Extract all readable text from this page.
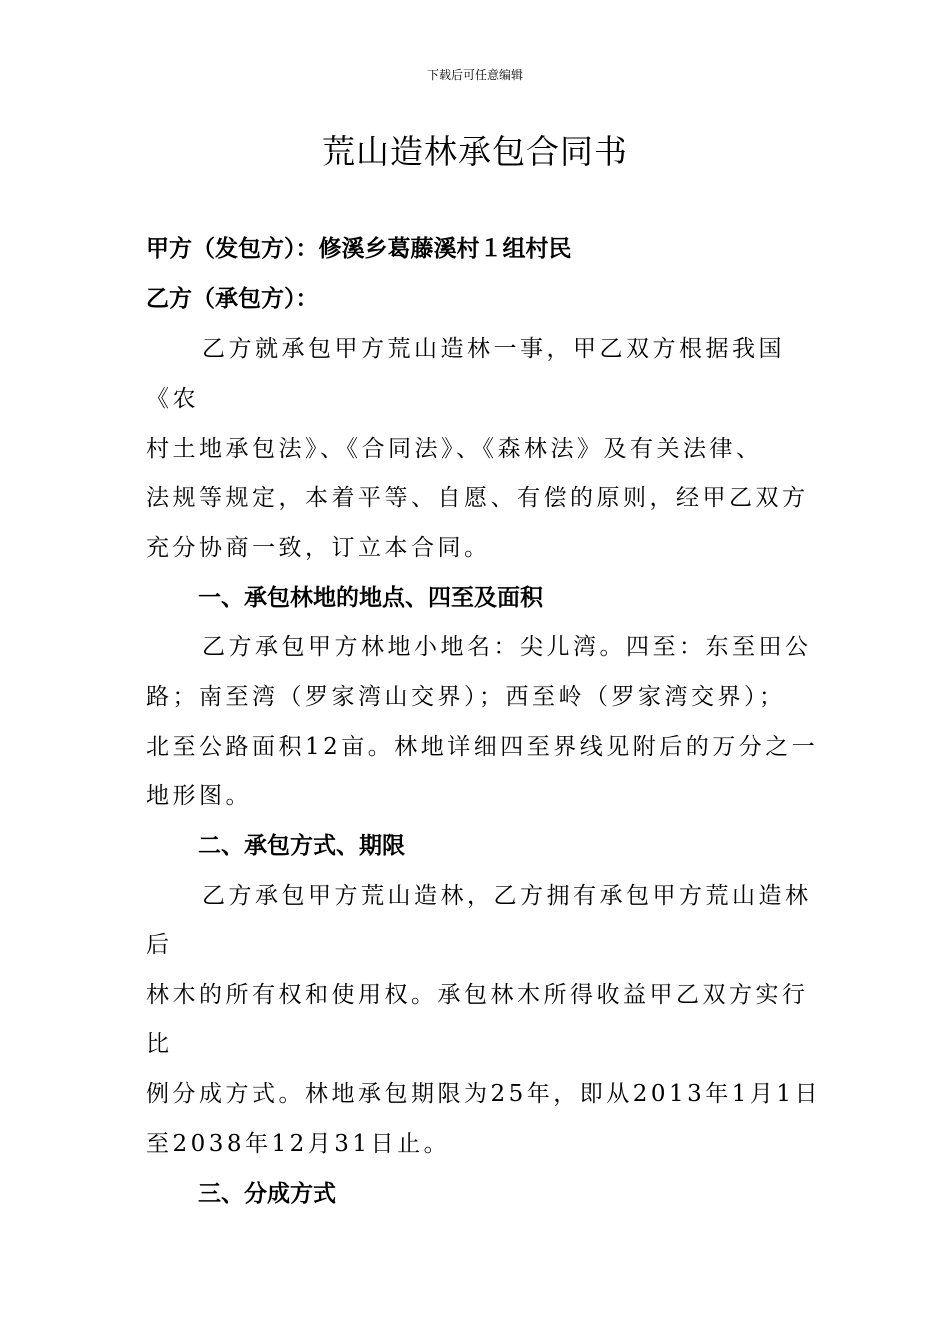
下载后可任意编辑
荒山造林承包合同书
甲方（发包方）：修溪乡葛藤溪村１组村民
乙方（承包方）：
乙方就承包甲方荒山造林一事，甲乙双方根据我国
《农
村土地承包法》、《合同法》、《森林法》及有关法律、
法规等规定，本着平等、自愿、有偿的原则，经甲乙双方
充分协商一致，订立本合同。
一、承包林地的地点、四至及面积
乙方承包甲方林地小地名：尖儿湾。四至：东至田公
路；南至湾（罗家湾山交界）；西至岭（罗家湾交界）；
北至公路面积12亩。林地详细四至界线见附后的万分之一
地形图。
二、承包方式、期限
乙方承包甲方荒山造林，乙方拥有承包甲方荒山造林
后
林木的所有权和使用权。承包林木所得收益甲乙双方实行
比
例分成方式。林地承包期限为25年，即从2013年1月1日
至2038年12月31日止。
三、分成方式
